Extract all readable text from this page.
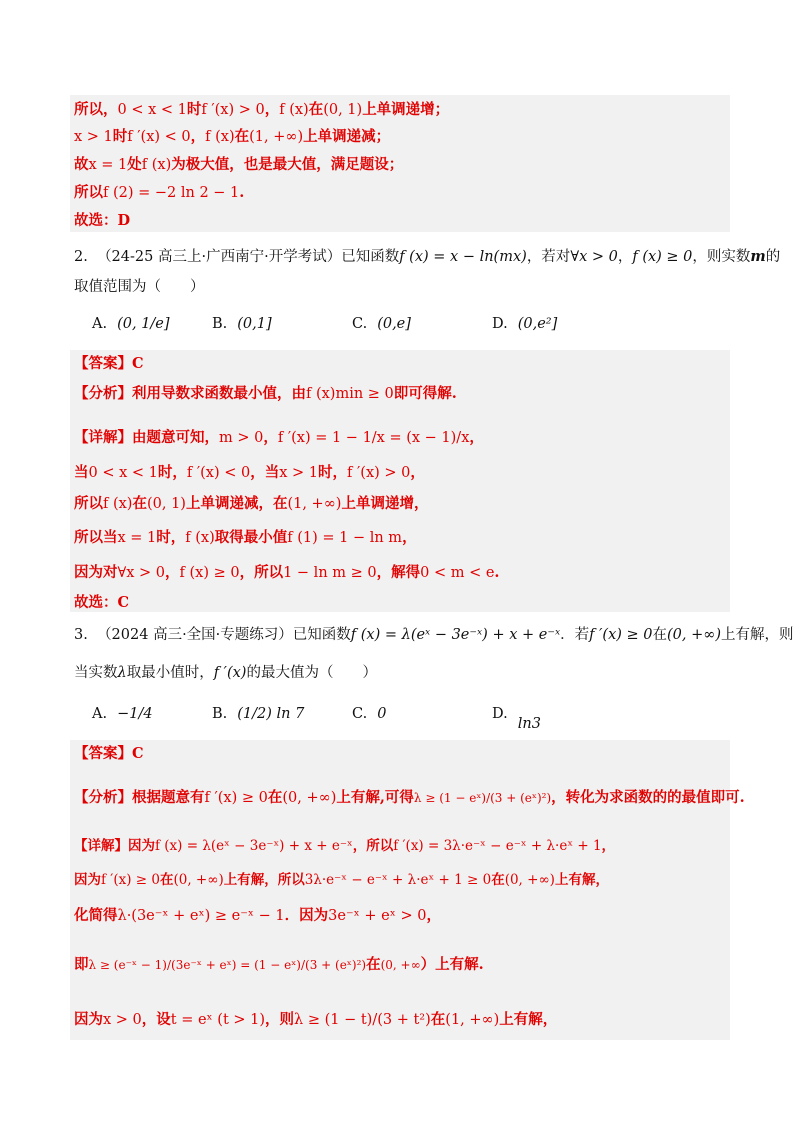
所以，0 < x < 1时f ′(x) > 0，f (x)在(0, 1)上单调递增；
x > 1时f ′(x) < 0，f (x)在(1, +∞)上单调递减；
故x = 1处f (x)为极大值，也是最大值，满足题设；
所以f (2) = −2 ln 2 − 1.
故选：D
2. （24-25 高三上·广西南宁·开学考试）已知函数f (x) = x − ln(mx)，若对∀x > 0，f (x) ≥ 0，则实数m的
取值范围为（　　）
A. (0, 1/e]	B. (0,1]	C. (0,e]	D. (0,e²]
【答案】C
【分析】利用导数求函数最小值，由f (x)min ≥ 0即可得解.
【详解】由题意可知，m > 0，f ′(x) = 1 − 1/x = (x − 1)/x，
当0 < x < 1时，f ′(x) < 0，当x > 1时，f ′(x) > 0，
所以f (x)在(0, 1)上单调递减，在(1, +∞)上单调递增，
所以当x = 1时，f (x)取得最小值f (1) = 1 − ln m，
因为对∀x > 0，f (x) ≥ 0，所以1 − ln m ≥ 0，解得0 < m < e.
故选：C
3. （2024 高三·全国·专题练习）已知函数f (x) = λ(eˣ − 3e⁻ˣ) + x + e⁻ˣ．若f ′(x) ≥ 0在(0, +∞)上有解，则
当实数λ取最小值时，f ′(x)的最大值为（　　）
A. −1/4	B. (1/2) ln 7	C. 0	D.ln3
【答案】C
【分析】根据题意有f ′(x) ≥ 0在(0, +∞)上有解,可得λ ≥ (1 − eˣ)/(3 + (eˣ)²)，转化为求函数的的最值即可.
【详解】因为f (x) = λ(eˣ − 3e⁻ˣ) + x + e⁻ˣ，所以f ′(x) = 3λ·e⁻ˣ − e⁻ˣ + λ·eˣ + 1，
因为f ′(x) ≥ 0在(0, +∞)上有解，所以3λ·e⁻ˣ − e⁻ˣ + λ·eˣ + 1 ≥ 0在(0, +∞)上有解，
化简得λ·(3e⁻ˣ + eˣ) ≥ e⁻ˣ − 1．因为3e⁻ˣ + eˣ > 0，
即λ ≥ (e⁻ˣ − 1)/(3e⁻ˣ + eˣ) = (1 − eˣ)/(3 + (eˣ)²)在(0, +∞）上有解.
因为x > 0，设t = eˣ (t > 1)，则λ ≥ (1 − t)/(3 + t²)在(1, +∞)上有解，
